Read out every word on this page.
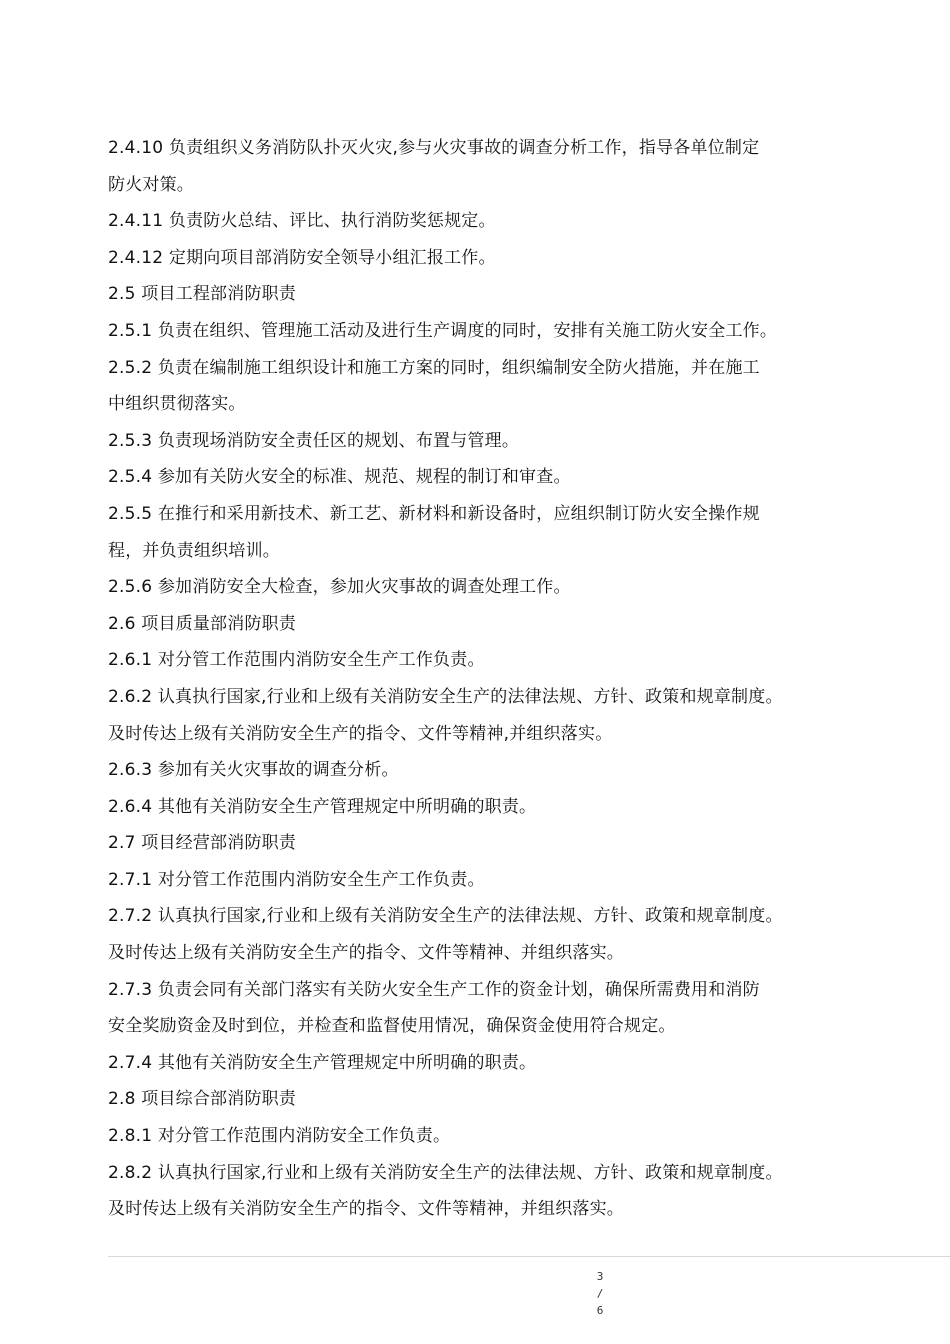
2.4.10 负责组织义务消防队扑灭火灾,参与火灾事故的调查分析工作，指导各单位制定
防火对策。
2.4.11 负责防火总结、评比、执行消防奖惩规定。
2.4.12 定期向项目部消防安全领导小组汇报工作。
2.5 项目工程部消防职责
2.5.1 负责在组织、管理施工活动及进行生产调度的同时，安排有关施工防火安全工作。
2.5.2 负责在编制施工组织设计和施工方案的同时，组织编制安全防火措施，并在施工
中组织贯彻落实。
2.5.3 负责现场消防安全责任区的规划、布置与管理。
2.5.4 参加有关防火安全的标准、规范、规程的制订和审查。
2.5.5 在推行和采用新技术、新工艺、新材料和新设备时，应组织制订防火安全操作规
程，并负责组织培训。
2.5.6 参加消防安全大检查，参加火灾事故的调查处理工作。
2.6 项目质量部消防职责
2.6.1 对分管工作范围内消防安全生产工作负责。
2.6.2 认真执行国家,行业和上级有关消防安全生产的法律法规、方针、政策和规章制度。
及时传达上级有关消防安全生产的指令、文件等精神,并组织落实。
2.6.3 参加有关火灾事故的调查分析。
2.6.4 其他有关消防安全生产管理规定中所明确的职责。
2.7 项目经营部消防职责
2.7.1 对分管工作范围内消防安全生产工作负责。
2.7.2 认真执行国家,行业和上级有关消防安全生产的法律法规、方针、政策和规章制度。
及时传达上级有关消防安全生产的指令、文件等精神、并组织落实。
2.7.3 负责会同有关部门落实有关防火安全生产工作的资金计划，确保所需费用和消防
安全奖励资金及时到位，并检查和监督使用情况，确保资金使用符合规定。
2.7.4 其他有关消防安全生产管理规定中所明确的职责。
2.8 项目综合部消防职责
2.8.1 对分管工作范围内消防安全工作负责。
2.8.2 认真执行国家,行业和上级有关消防安全生产的法律法规、方针、政策和规章制度。
及时传达上级有关消防安全生产的指令、文件等精神，并组织落实。
3
/
6
